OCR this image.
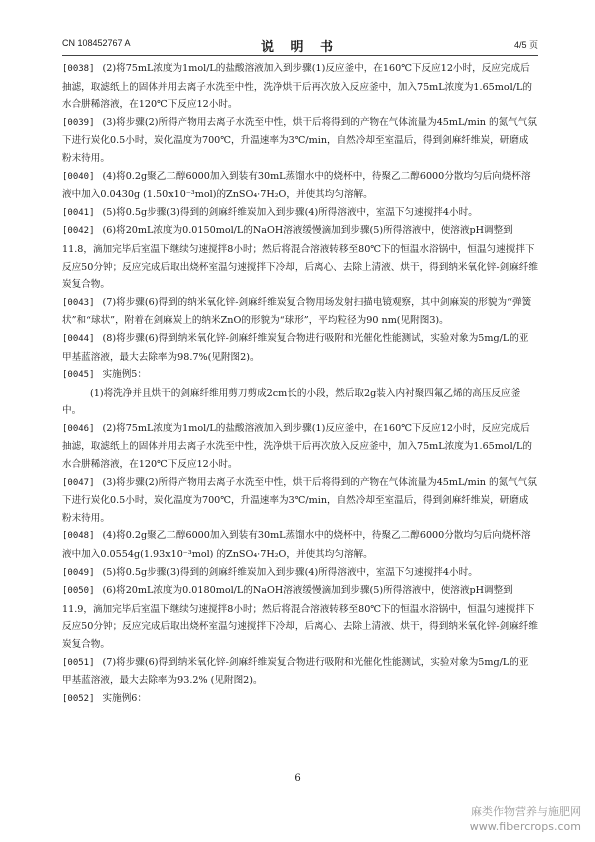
CN 108452767 A	说 明 书	4/5 页

[0038] (2)将75mL浓度为1mol/L的盐酸溶液加入到步骤(1)反应釜中，在160℃下反应12小时，反应完成后抽滤，取滤纸上的固体并用去离子水洗至中性，洗净烘干后再次放入反应釜中，加入75mL浓度为1.65mol/L的水合肼稀溶液，在120℃下反应12小时。

[0039] (3)将步骤(2)所得产物用去离子水洗至中性，烘干后将得到的产物在气体流量为45mL/min 的氮气气氛下进行炭化0.5小时，炭化温度为700℃，升温速率为3℃/min，自然冷却至室温后，得到剑麻纤维炭，研磨成粉末待用。

[0040] (4)将0.2g聚乙二醇6000加入到装有30mL蒸馏水中的烧杯中，待聚乙二醇6000分散均匀后向烧杯溶液中加入0.0430g (1.50x10⁻³mol)的ZnSO₄·7H₂O，并使其均匀溶解。

[0041] (5)将0.5g步骤(3)得到的剑麻纤维炭加入到步骤(4)所得溶液中，室温下匀速搅拌4小时。

[0042] (6)将20mL浓度为0.0150mol/L的NaOH溶液缓慢滴加到步骤(5)所得溶液中，使溶液pH调整到11.8，滴加完毕后室温下继续匀速搅拌8小时；然后将混合溶液转移至80℃下的恒温水浴锅中，恒温匀速搅拌下反应50分钟；反应完成后取出烧杯室温匀速搅拌下冷却，后离心、去除上清液、烘干，得到纳米氧化锌-剑麻纤维炭复合物。

[0043] (7)将步骤(6)得到的纳米氧化锌-剑麻纤维炭复合物用场发射扫描电镜观察，其中剑麻炭的形貌为“弹簧状”和“球状”，附着在剑麻炭上的纳米ZnO的形貌为“球形”，平均粒径为90 nm(见附图3)。

[0044] (8)将步骤(6)得到纳米氧化锌-剑麻纤维炭复合物进行吸附和光催化性能测试，实验对象为5mg/L的亚甲基蓝溶液，最大去除率为98.7%(见附图2)。

[0045] 实施例5：

(1)将洗净并且烘干的剑麻纤维用剪刀剪成2cm长的小段，然后取2g装入内衬聚四氟乙烯的高压反应釜中。

[0046] (2)将75mL浓度为1mol/L的盐酸溶液加入到步骤(1)反应釜中，在160℃下反应12小时，反应完成后抽滤，取滤纸上的固体并用去离子水洗至中性，洗净烘干后再次放入反应釜中，加入75mL浓度为1.65mol/L的水合肼稀溶液，在120℃下反应12小时。

[0047] (3)将步骤(2)所得产物用去离子水洗至中性，烘干后将得到的产物在气体流量为45mL/min 的氮气气氛下进行炭化0.5小时，炭化温度为700℃，升温速率为3℃/min，自然冷却至室温后，得到剑麻纤维炭，研磨成粉末待用。

[0048] (4)将0.2g聚乙二醇6000加入到装有30mL蒸馏水中的烧杯中，待聚乙二醇6000分散均匀后向烧杯溶液中加入0.0554g(1.93x10⁻³mol) 的ZnSO₄·7H₂O，并使其均匀溶解。

[0049] (5)将0.5g步骤(3)得到的剑麻纤维炭加入到步骤(4)所得溶液中，室温下匀速搅拌4小时。

[0050] (6)将20mL浓度为0.0180mol/L的NaOH溶液缓慢滴加到步骤(5)所得溶液中，使溶液pH调整到11.9，滴加完毕后室温下继续匀速搅拌8小时；然后将混合溶液转移至80℃下的恒温水浴锅中，恒温匀速搅拌下反应50分钟；反应完成后取出烧杯室温匀速搅拌下冷却，后离心、去除上清液、烘干，得到纳米氧化锌-剑麻纤维炭复合物。

[0051] (7)将步骤(6)得到纳米氧化锌-剑麻纤维炭复合物进行吸附和光催化性能测试，实验对象为5mg/L的亚甲基蓝溶液，最大去除率为93.2% (见附图2)。

[0052] 实施例6：

6
麻类作物营养与施肥网
www.fibercrops.com
